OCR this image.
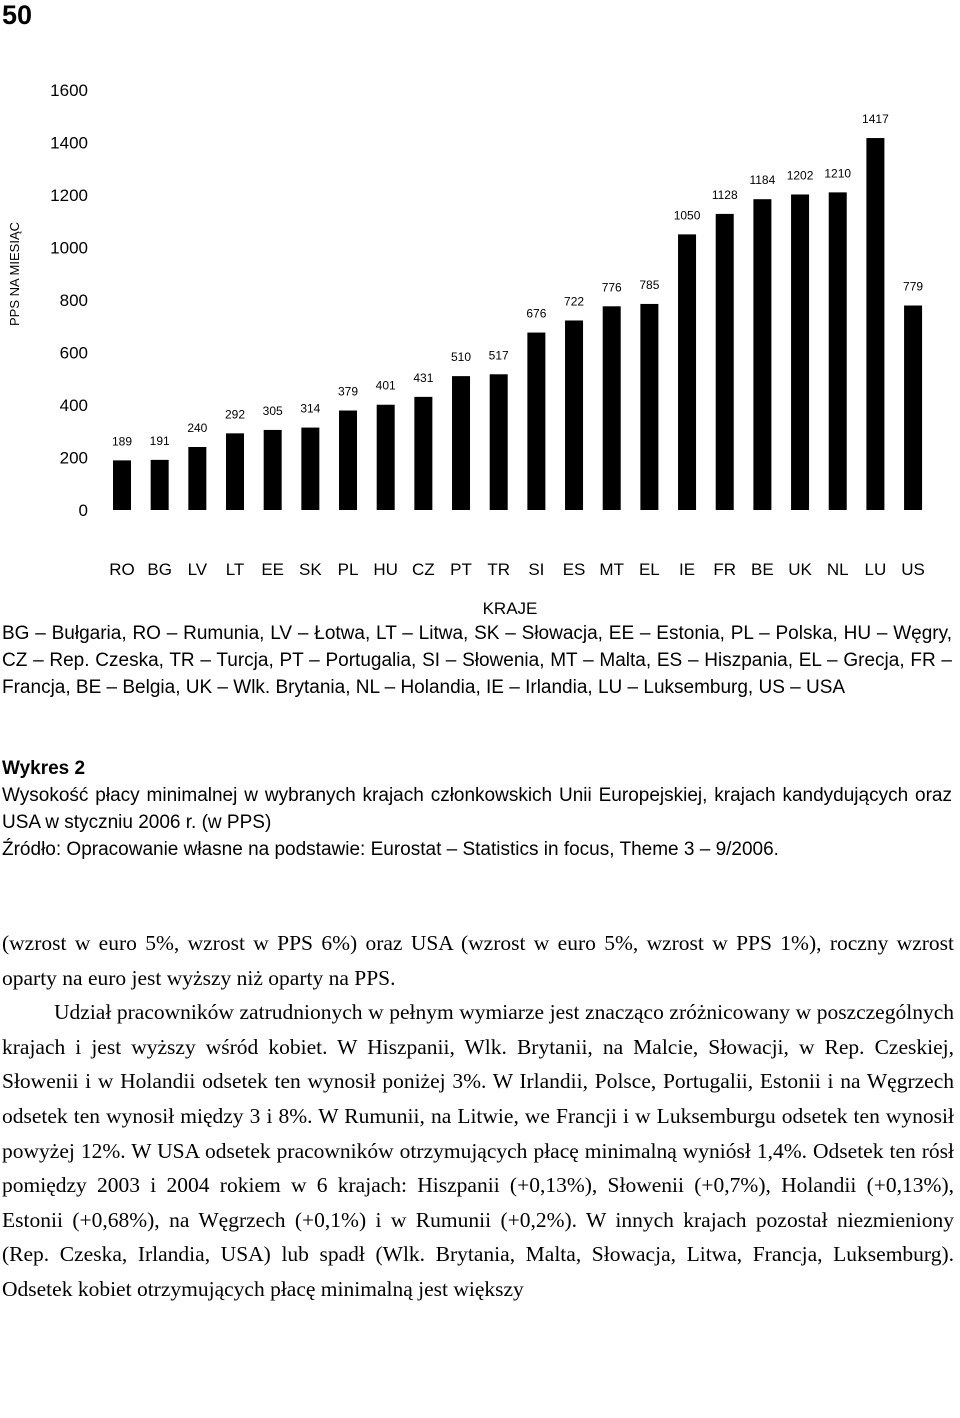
50
PPS NA MIESIĄC
0
200
400
600
800
1000
1200
1400
1600
189 191
240
292 305 314
379 401
431
510 517
676
722
776 785
1050
1128
1184 1202 1210
1417
779
RO BG LV LT EE SK PL HU CZ PT TR SI ES MT EL IE FR BE UK NL LU US
KRAJE

BG – Bułgaria, RO – Rumunia, LV – Łotwa, LT – Litwa, SK – Słowacja, EE – Estonia, PL – Polska, HU – Węgry, CZ – Rep. Czeska, TR – Turcja, PT – Portugalia, SI – Słowenia, MT – Malta, ES – Hiszpania, EL – Grecja, FR – Francja, BE – Belgia, UK – Wlk. Brytania, NL – Holandia, IE – Irlandia, LU – Luksemburg, US – USA

Wykres 2

Wysokość płacy minimalnej w wybranych krajach członkowskich Unii Europejskiej, krajach kandydujących oraz USA w styczniu 2006 r. (w PPS)

Źródło: Opracowanie własne na podstawie: Eurostat – Statistics in focus, Theme 3 – 9/2006.

(wzrost w euro 5%, wzrost w PPS 6%) oraz USA (wzrost w euro 5%, wzrost w PPS 1%), roczny wzrost oparty na euro jest wyższy niż oparty na PPS.

Udział pracowników zatrudnionych w pełnym wymiarze jest znacząco zróżnicowany w poszczególnych krajach i jest wyższy wśród kobiet. W Hiszpanii, Wlk. Brytanii, na Malcie, Słowacji, w Rep. Czeskiej, Słowenii i w Holandii odsetek ten wynosił poniżej 3%. W Irlandii, Polsce, Portugalii, Estonii i na Węgrzech odsetek ten wynosił między 3 i 8%. W Rumunii, na Litwie, we Francji i w Luksemburgu odsetek ten wynosił powyżej 12%. W USA odsetek pracowników otrzymujących płacę minimalną wyniósł 1,4%. Odsetek ten rósł pomiędzy 2003 i 2004 rokiem w 6 krajach: Hiszpanii (+0,13%), Słowenii (+0,7%), Holandii (+0,13%), Estonii (+0,68%), na Węgrzech (+0,1%) i w Rumunii (+0,2%). W innych krajach pozostał niezmieniony (Rep. Czeska, Irlandia, USA) lub spadł (Wlk. Brytania, Malta, Słowacja, Litwa, Francja, Luksemburg). Odsetek kobiet otrzymujących płacę minimalną jest większy
